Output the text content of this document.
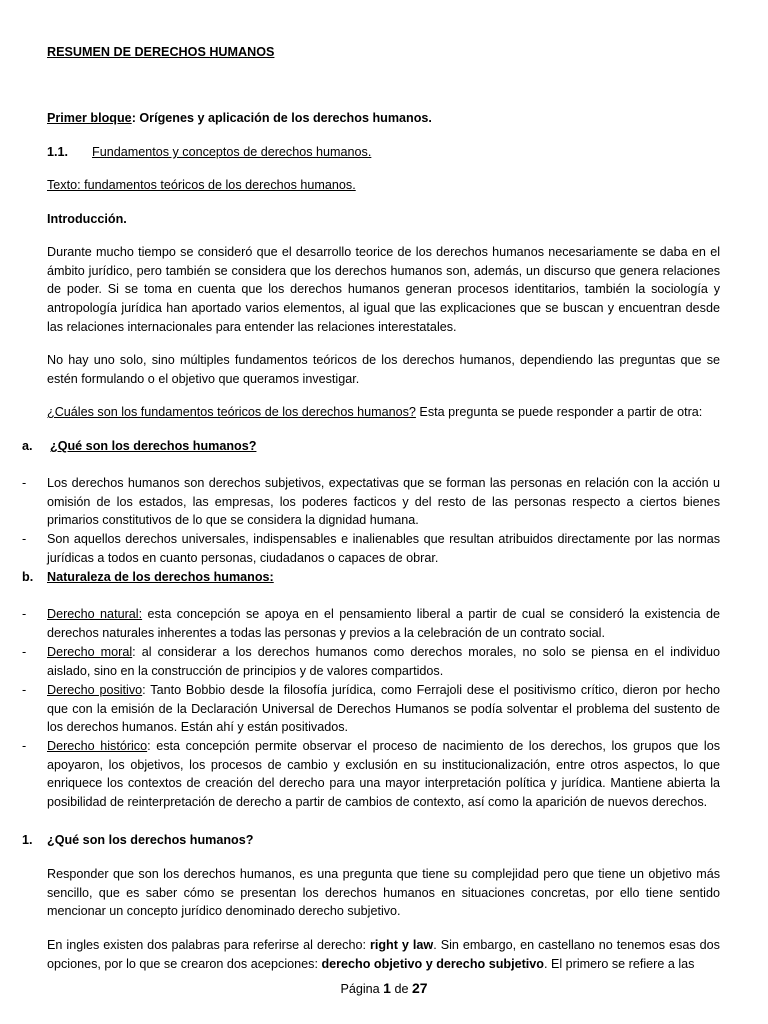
RESUMEN DE DERECHOS HUMANOS
Primer bloque: Orígenes y aplicación de los derechos humanos.
1.1. Fundamentos y conceptos de derechos humanos.
Texto: fundamentos teóricos de los derechos humanos.
Introducción.
Durante mucho tiempo se consideró que el desarrollo teorice de los derechos humanos necesariamente se daba en el ámbito jurídico, pero también se considera que los derechos humanos son, además, un discurso que genera relaciones de poder. Si se toma en cuenta que los derechos humanos generan procesos identitarios, también la sociología y antropología jurídica han aportado varios elementos, al igual que las explicaciones que se buscan y encuentran desde las relaciones internacionales para entender las relaciones interestatales.
No hay uno solo, sino múltiples fundamentos teóricos de los derechos humanos, dependiendo las preguntas que se estén formulando o el objetivo que queramos investigar.
¿Cuáles son los fundamentos teóricos de los derechos humanos? Esta pregunta se puede responder a partir de otra:
a. ¿Qué son los derechos humanos?
- Los derechos humanos son derechos subjetivos, expectativas que se forman las personas en relación con la acción u omisión de los estados, las empresas, los poderes facticos y del resto de las personas respecto a ciertos bienes primarios constitutivos de lo que se considera la dignidad humana.
- Son aquellos derechos universales, indispensables e inalienables que resultan atribuidos directamente por las normas jurídicas a todos en cuanto personas, ciudadanos o capaces de obrar.
b. Naturaleza de los derechos humanos:
- Derecho natural: esta concepción se apoya en el pensamiento liberal a partir de cual se consideró la existencia de derechos naturales inherentes a todas las personas y previos a la celebración de un contrato social.
- Derecho moral: al considerar a los derechos humanos como derechos morales, no solo se piensa en el individuo aislado, sino en la construcción de principios y de valores compartidos.
- Derecho positivo: Tanto Bobbio desde la filosofía jurídica, como Ferrajoli dese el positivismo crítico, dieron por hecho que con la emisión de la Declaración Universal de Derechos Humanos se podía solventar el problema del sustento de los derechos humanos. Están ahí y están positivados.
- Derecho histórico: esta concepción permite observar el proceso de nacimiento de los derechos, los grupos que los apoyaron, los objetivos, los procesos de cambio y exclusión en su institucionalización, entre otros aspectos, lo que enriquece los contextos de creación del derecho para una mayor interpretación política y jurídica. Mantiene abierta la posibilidad de reinterpretación de derecho a partir de cambios de contexto, así como la aparición de nuevos derechos.
1. ¿Qué son los derechos humanos?
Responder que son los derechos humanos, es una pregunta que tiene su complejidad pero que tiene un objetivo más sencillo, que es saber cómo se presentan los derechos humanos en situaciones concretas, por ello tiene sentido mencionar un concepto jurídico denominado derecho subjetivo.
En ingles existen dos palabras para referirse al derecho: right y law. Sin embargo, en castellano no tenemos esas dos opciones, por lo que se crearon dos acepciones: derecho objetivo y derecho subjetivo. El primero se refiere a las
Página 1 de 27
